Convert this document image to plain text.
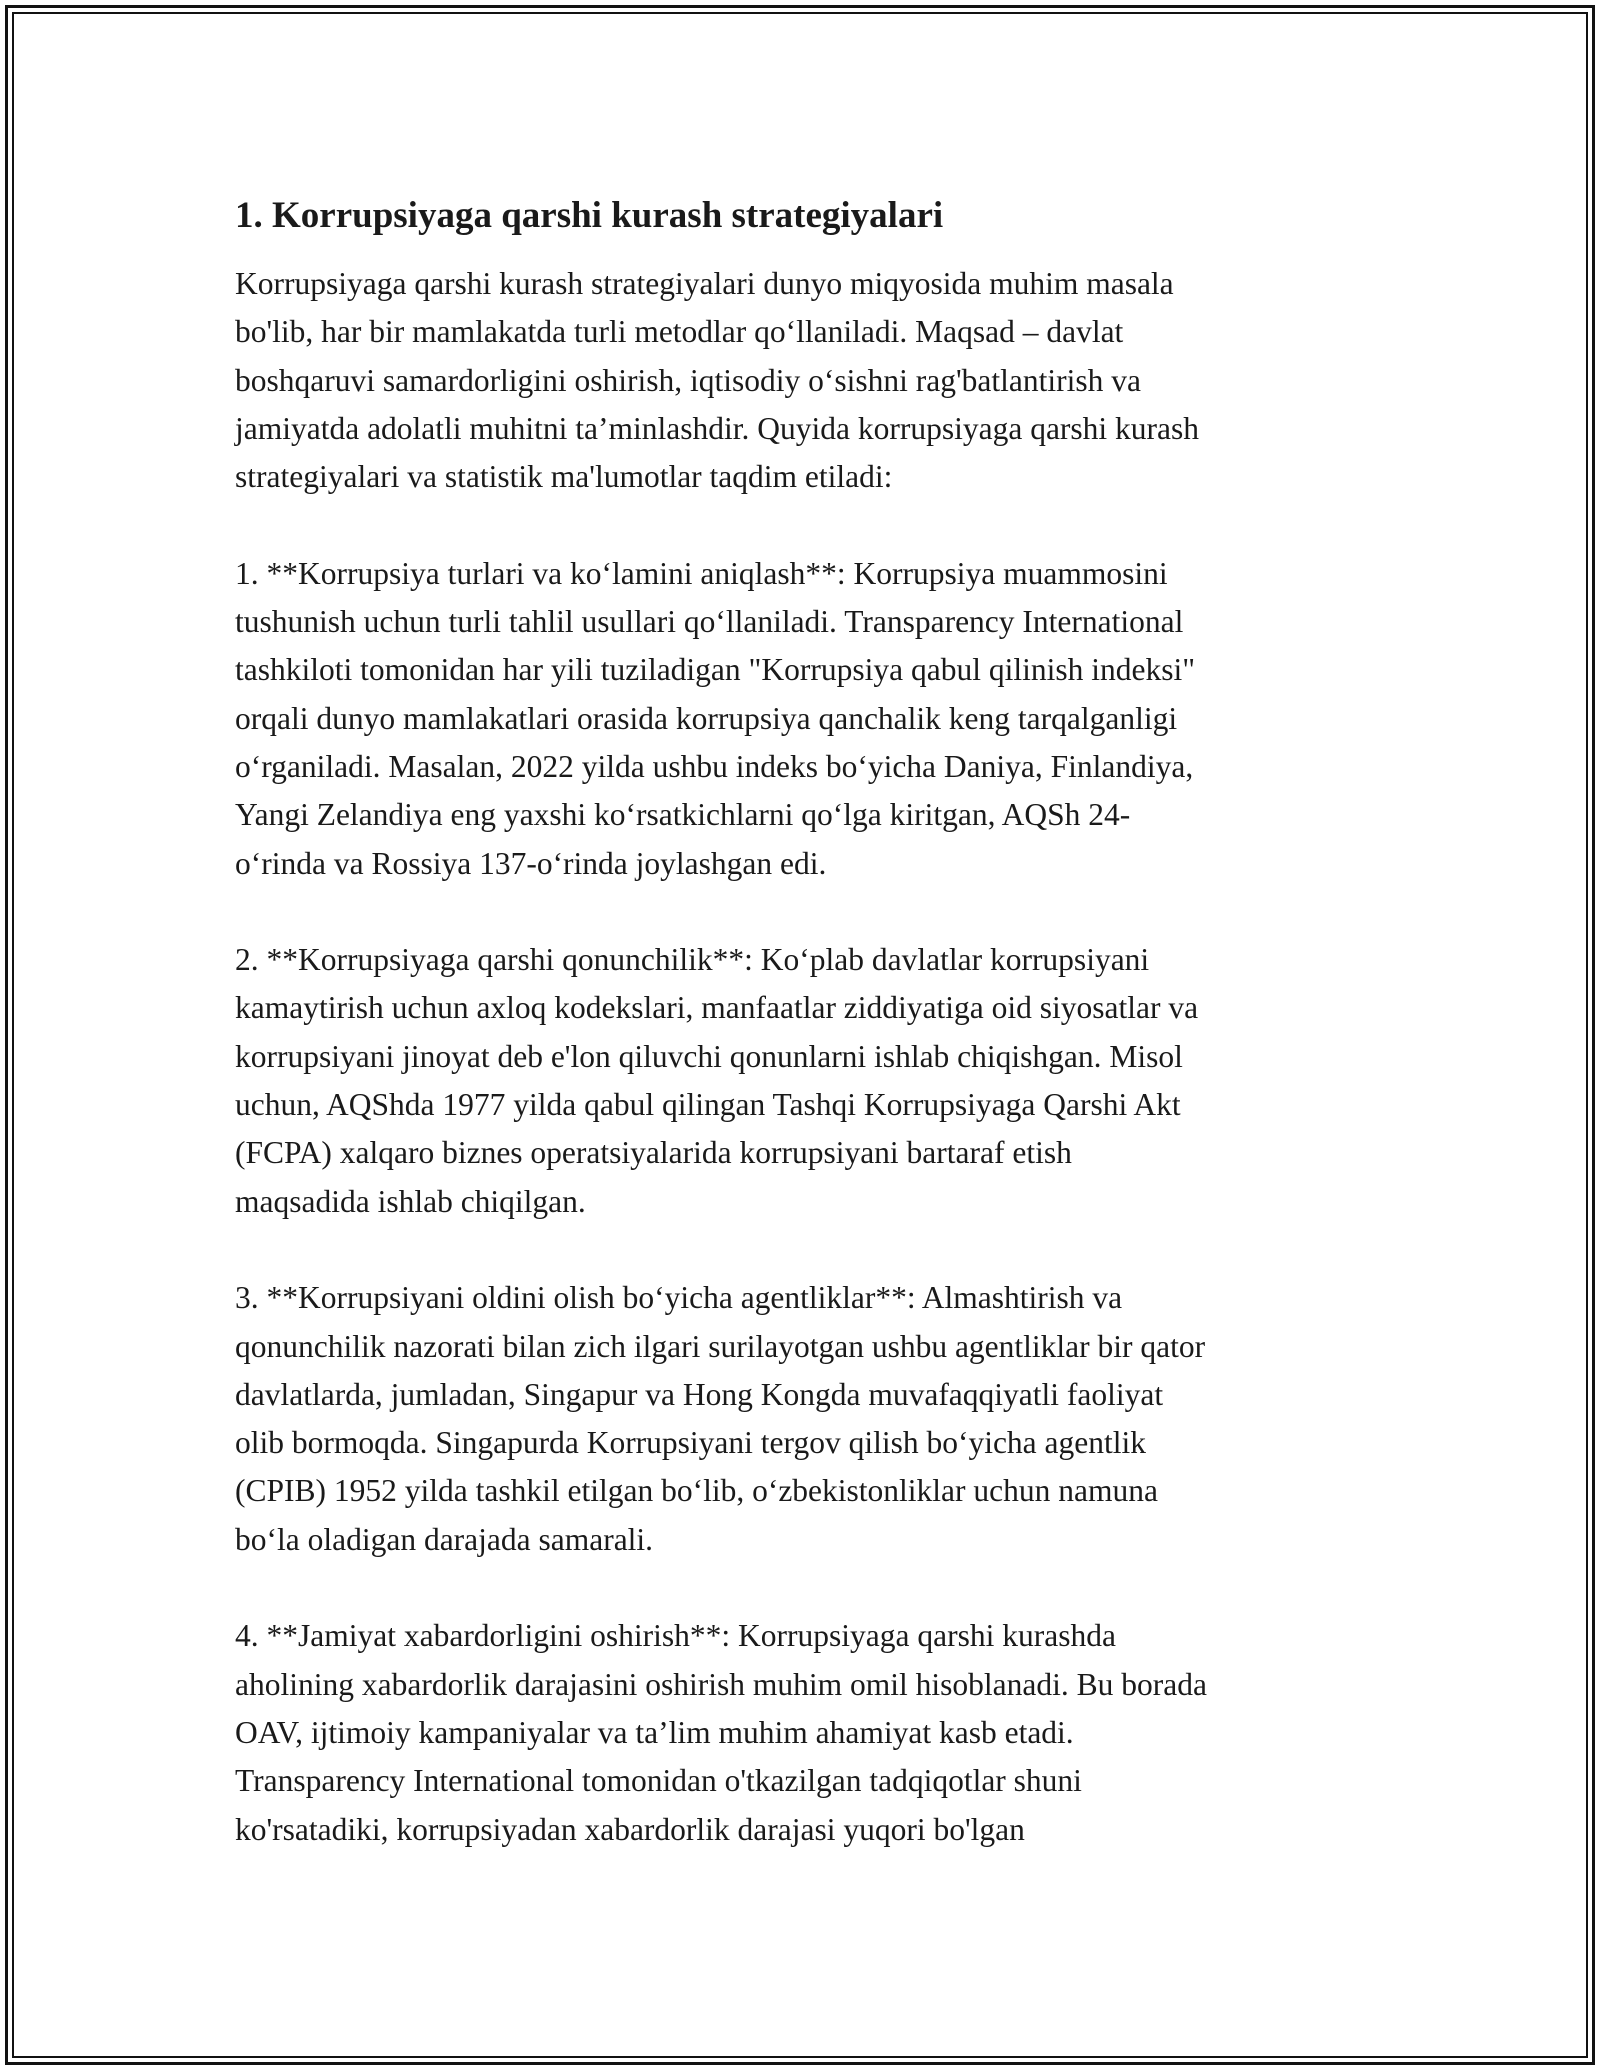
1. Korrupsiyaga qarshi kurash strategiyalari
Korrupsiyaga qarshi kurash strategiyalari dunyo miqyosida muhim masala
bo'lib, har bir mamlakatda turli metodlar qo‘llaniladi. Maqsad – davlat
boshqaruvi samardorligini oshirish, iqtisodiy o‘sishni rag'batlantirish va
jamiyatda adolatli muhitni ta’minlashdir. Quyida korrupsiyaga qarshi kurash
strategiyalari va statistik ma'lumotlar taqdim etiladi:
1. **Korrupsiya turlari va ko‘lamini aniqlash**: Korrupsiya muammosini
tushunish uchun turli tahlil usullari qo‘llaniladi. Transparency International
tashkiloti tomonidan har yili tuziladigan "Korrupsiya qabul qilinish indeksi"
orqali dunyo mamlakatlari orasida korrupsiya qanchalik keng tarqalganligi
o‘rganiladi. Masalan, 2022 yilda ushbu indeks bo‘yicha Daniya, Finlandiya,
Yangi Zelandiya eng yaxshi ko‘rsatkichlarni qo‘lga kiritgan, AQSh 24-
o‘rinda va Rossiya 137-o‘rinda joylashgan edi.
2. **Korrupsiyaga qarshi qonunchilik**: Ko‘plab davlatlar korrupsiyani
kamaytirish uchun axloq kodekslari, manfaatlar ziddiyatiga oid siyosatlar va
korrupsiyani jinoyat deb e'lon qiluvchi qonunlarni ishlab chiqishgan. Misol
uchun, AQShda 1977 yilda qabul qilingan Tashqi Korrupsiyaga Qarshi Akt
(FCPA) xalqaro biznes operatsiyalarida korrupsiyani bartaraf etish
maqsadida ishlab chiqilgan.
3. **Korrupsiyani oldini olish bo‘yicha agentliklar**: Almashtirish va
qonunchilik nazorati bilan zich ilgari surilayotgan ushbu agentliklar bir qator
davlatlarda, jumladan, Singapur va Hong Kongda muvafaqqiyatli faoliyat
olib bormoqda. Singapurda Korrupsiyani tergov qilish bo‘yicha agentlik
(CPIB) 1952 yilda tashkil etilgan bo‘lib, o‘zbekistonliklar uchun namuna
bo‘la oladigan darajada samarali.
4. **Jamiyat xabardorligini oshirish**: Korrupsiyaga qarshi kurashda
aholining xabardorlik darajasini oshirish muhim omil hisoblanadi. Bu borada
OAV, ijtimoiy kampaniyalar va ta’lim muhim ahamiyat kasb etadi.
Transparency International tomonidan o'tkazilgan tadqiqotlar shuni
ko'rsatadiki, korrupsiyadan xabardorlik darajasi yuqori bo'lgan
